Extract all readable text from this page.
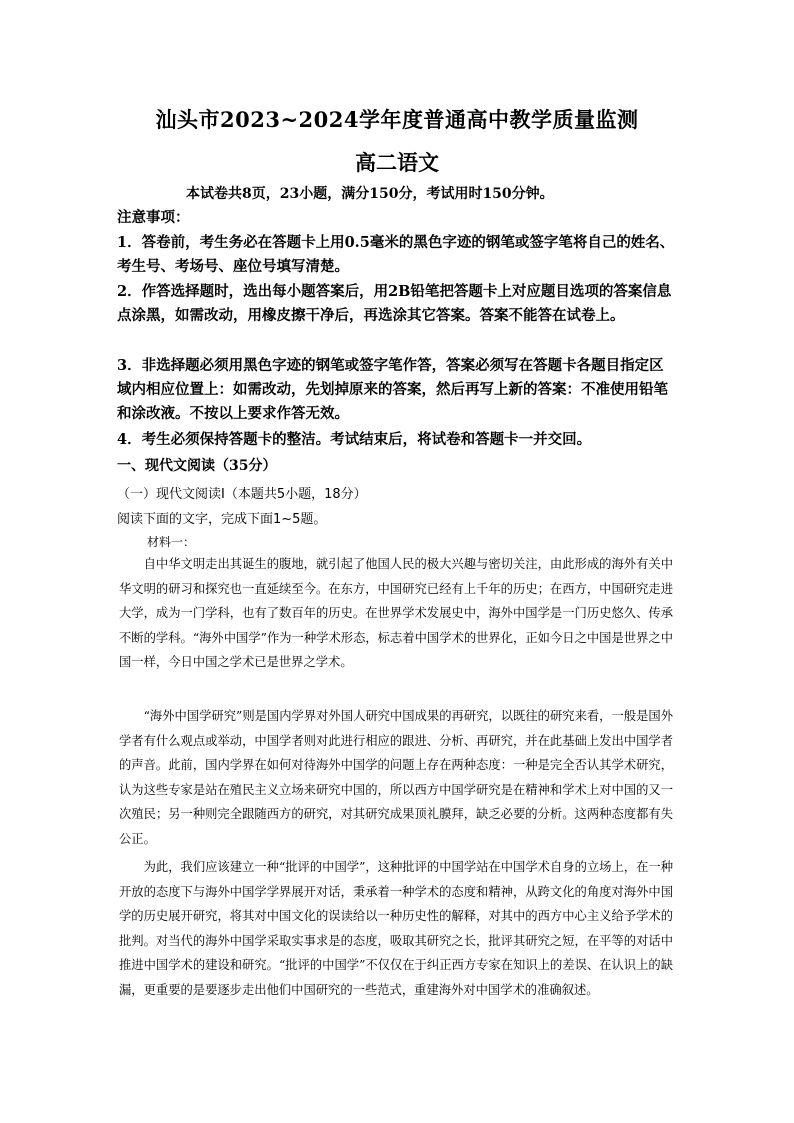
汕头市2023~2024学年度普通高中教学质量监测
高二语文
本试卷共8页，23小题，满分150分，考试用时150分钟。
注意事项：
1．答卷前，考生务必在答题卡上用0.5毫米的黑色字迹的钢笔或签字笔将自己的姓名、考生号、考场号、座位号填写清楚。
2．作答选择题时，选出每小题答案后，用2B铅笔把答题卡上对应题目选项的答案信息点涂黑，如需改动，用橡皮擦干净后，再选涂其它答案。答案不能答在试卷上。
3．非选择题必须用黑色字迹的钢笔或签字笔作答，答案必须写在答题卡各题目指定区域内相应位置上：如需改动，先划掉原来的答案，然后再写上新的答案：不准使用铅笔和涂改液。不按以上要求作答无效。
4．考生必须保持答题卡的整洁。考试结束后，将试卷和答题卡一并交回。
一、现代文阅读（35分）
（一）现代文阅读Ⅰ（本题共5小题，18分）
阅读下面的文字，完成下面1~5题。
材料一：
自中华文明走出其诞生的腹地，就引起了他国人民的极大兴趣与密切关注，由此形成的海外有关中华文明的研习和探究也一直延续至今。在东方，中国研究已经有上千年的历史；在西方，中国研究走进大学，成为一门学科，也有了数百年的历史。在世界学术发展史中，海外中国学是一门历史悠久、传承不断的学科。“海外中国学”作为一种学术形态，标志着中国学术的世界化，正如今日之中国是世界之中国一样，今日中国之学术已是世界之学术。
“海外中国学研究”则是国内学界对外国人研究中国成果的再研究，以既往的研究来看，一般是国外学者有什么观点或举动，中国学者则对此进行相应的跟进、分析、再研究，并在此基础上发出中国学者的声音。此前，国内学界在如何对待海外中国学的问题上存在两种态度：一种是完全否认其学术研究，认为这些专家是站在殖民主义立场来研究中国的，所以西方中国学研究是在精神和学术上对中国的又一次殖民；另一种则完全跟随西方的研究，对其研究成果顶礼膜拜，缺乏必要的分析。这两种态度都有失公正。
为此，我们应该建立一种“批评的中国学”，这种批评的中国学站在中国学术自身的立场上，在一种开放的态度下与海外中国学学界展开对话，秉承着一种学术的态度和精神，从跨文化的角度对海外中国学的历史展开研究，将其对中国文化的误读给以一种历史性的解释，对其中的西方中心主义给予学术的批判。对当代的海外中国学采取实事求是的态度，吸取其研究之长，批评其研究之短，在平等的对话中推进中国学术的建设和研究。“批评的中国学”不仅仅在于纠正西方专家在知识上的差误、在认识上的缺漏，更重要的是要逐步走出他们中国研究的一些范式，重建海外对中国学术的准确叙述。
